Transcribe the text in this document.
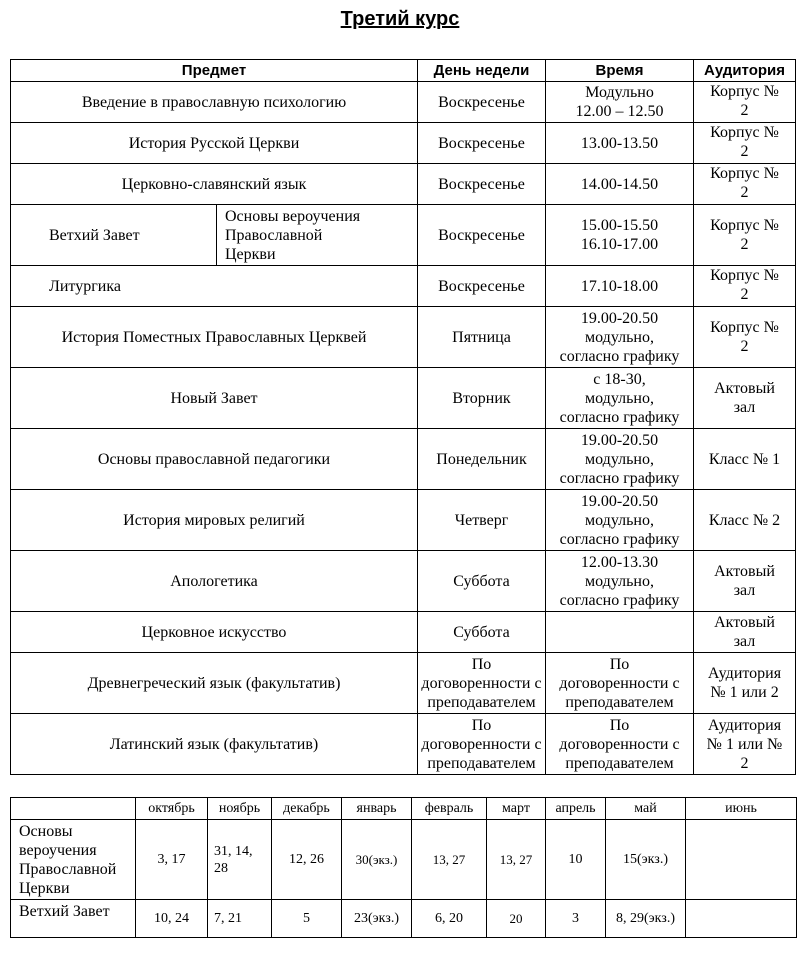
Третий курс
Предмет		День недели	Время	Аудитория
Введение в православную психологию		Воскресенье	Модульно
12.00 – 12.50	Корпус №
2
История Русской Церкви		Воскресенье	13.00-13.50	Корпус №
2
Церковно-славянский язык		Воскресенье	14.00-14.50	Корпус №
2
Ветхий Завет	Основы вероучения
Православной
Церкви	Воскресенье	15.00-15.50
16.10-17.00	Корпус №
2
Литургика		Воскресенье	17.10-18.00	Корпус №
2
История Поместных Православных Церквей		Пятница	19.00-20.50
модульно,
согласно графику	Корпус №
2
Новый Завет		Вторник	с 18-30,
модульно,
согласно графику	Актовый
зал
Основы православной педагогики		Понедельник	19.00-20.50
модульно,
согласно графику	Класс № 1
История мировых религий		Четверг	19.00-20.50
модульно,
согласно графику	Класс № 2
Апологетика		Суббота	12.00-13.30
модульно,
согласно графику	Актовый
зал
Церковное искусство		Суббота		Актовый
зал
Древнегреческий язык (факультатив)		По
договоренности с
преподавателем	По
договоренности с
преподавателем	Аудитория
№ 1 или 2
Латинский язык (факультатив)		По
договоренности с
преподавателем	По
договоренности с
преподавателем	Аудитория
№ 1 или №
2
	октябрь	ноябрь	декабрь	январь	февраль	март	апрель	май	июнь
Основы
вероучения
Православной
Церкви	3, 17	31, 14, 28	12, 26	30(экз.)	13, 27	13, 27	10	15(экз.)	
Ветхий Завет	10, 24	7, 21	5	23(экз.)	6, 20	20	3	8, 29(экз.)	
